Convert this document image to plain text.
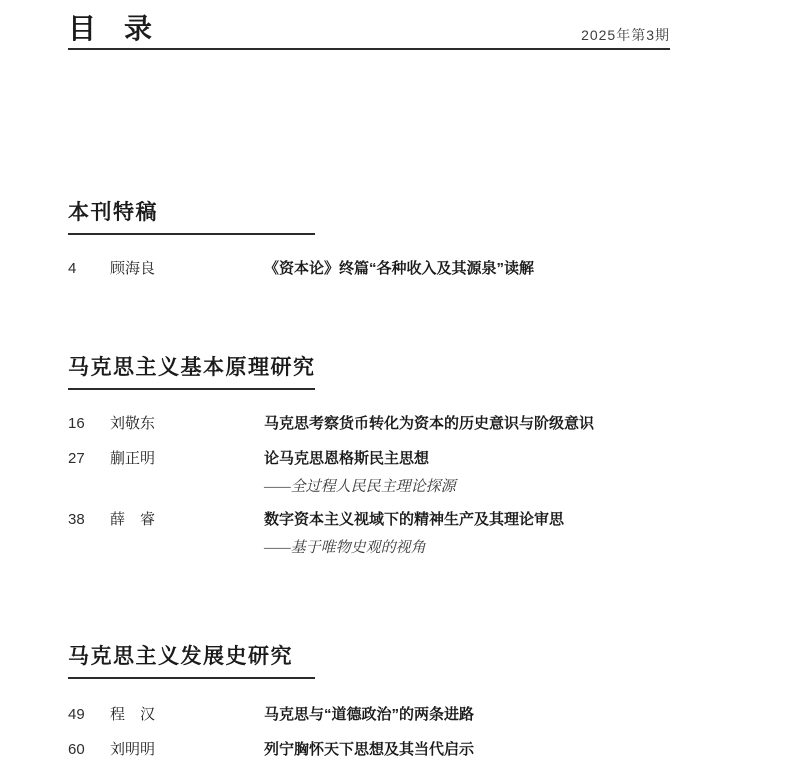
目　录	2025年第3期
本刊特稿
4	顾海良	《资本论》终篇“各种收入及其源泉”读解
马克思主义基本原理研究
16	刘敬东	马克思考察货币转化为资本的历史意识与阶级意识
27	蒯正明	论马克思恩格斯民主思想
——全过程人民民主理论探源
38	薛　睿	数字资本主义视域下的精神生产及其理论审思
——基于唯物史观的视角
马克思主义发展史研究
49	程　汉	马克思与“道德政治”的两条进路
60	刘明明	列宁胸怀天下思想及其当代启示
